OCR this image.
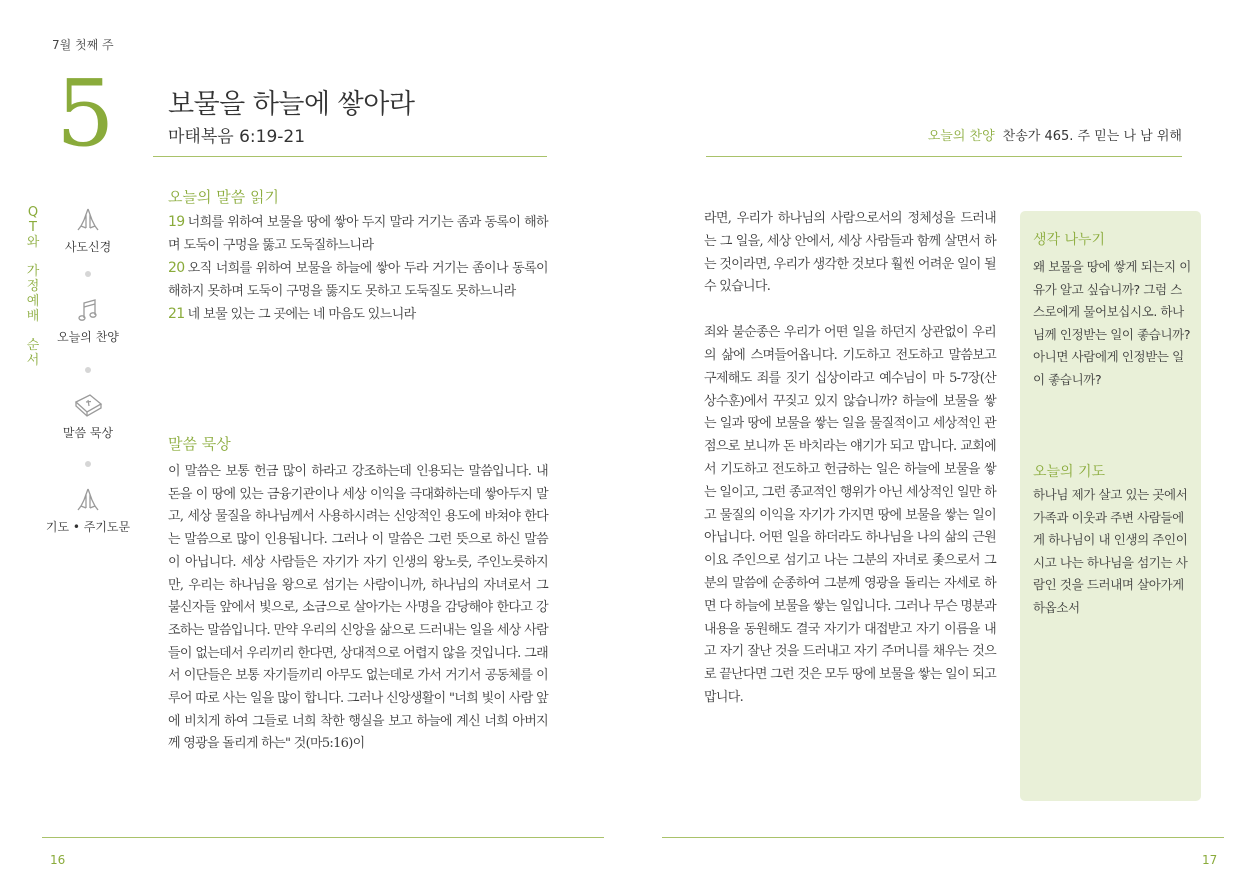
7월 첫째 주
5 보물을 하늘에 쌓아라
마태복음 6:19-21	오늘의 찬양 찬송가 465. 주 믿는 나 남 위해
Q
T
와
가
정
예
배
순
서
사도신경
오늘의 찬양
말씀 묵상
기도 • 주기도문
오늘의 말씀 읽기
19 너희를 위하여 보물을 땅에 쌓아 두지 말라 거기는 좀과 동록이 해하며 도둑이 구멍을 뚫고 도둑질하느니라
20 오직 너희를 위하여 보물을 하늘에 쌓아 두라 거기는 좀이나 동록이 해하지 못하며 도둑이 구멍을 뚫지도 못하고 도둑질도 못하느니라
21 네 보물 있는 그 곳에는 네 마음도 있느니라
말씀 묵상
이 말씀은 보통 헌금 많이 하라고 강조하는데 인용되는 말씀입니다. 내 돈을 이 땅에 있는 금융기관이나 세상 이익을 극대화하는데 쌓아두지 말고, 세상 물질을 하나님께서 사용하시려는 신앙적인 용도에 바쳐야 한다는 말씀으로 많이 인용됩니다. 그러나 이 말씀은 그런 뜻으로 하신 말씀이 아닙니다. 세상 사람들은 자기가 자기 인생의 왕노릇, 주인노릇하지만, 우리는 하나님을 왕으로 섬기는 사람이니까, 하나님의 자녀로서 그 불신자들 앞에서 빛으로, 소금으로 살아가는 사명을 감당해야 한다고 강조하는 말씀입니다. 만약 우리의 신앙을 삶으로 드러내는 일을 세상 사람들이 없는데서 우리끼리 한다면, 상대적으로 어렵지 않을 것입니다. 그래서 이단들은 보통 자기들끼리 아무도 없는데로 가서 거기서 공동체를 이루어 따로 사는 일을 많이 합니다. 그러나 신앙생활이 "너희 빛이 사람 앞에 비치게 하여 그들로 너희 착한 행실을 보고 하늘에 계신 너희 아버지께 영광을 돌리게 하는" 것(마5:16)이

라면, 우리가 하나님의 사람으로서의 정체성을 드러내는 그 일을, 세상 안에서, 세상 사람들과 함께 살면서 하는 것이라면, 우리가 생각한 것보다 훨씬 어려운 일이 될 수 있습니다.

죄와 불순종은 우리가 어떤 일을 하던지 상관없이 우리의 삶에 스며들어옵니다. 기도하고 전도하고 말씀보고 구제해도 죄를 짓기 십상이라고 예수님이 마 5-7장(산상수훈)에서 꾸짖고 있지 않습니까? 하늘에 보물을 쌓는 일과 땅에 보물을 쌓는 일을 물질적이고 세상적인 관점으로 보니까 돈 바치라는 얘기가 되고 맙니다. 교회에서 기도하고 전도하고 헌금하는 일은 하늘에 보물을 쌓는 일이고, 그런 종교적인 행위가 아닌 세상적인 일만 하고 물질의 이익을 자기가 가지면 땅에 보물을 쌓는 일이 아닙니다. 어떤 일을 하더라도 하나님을 나의 삶의 근원이요 주인으로 섬기고 나는 그분의 자녀로 좇으로서 그분의 말씀에 순종하여 그분께 영광을 돌리는 자세로 하면 다 하늘에 보물을 쌓는 일입니다. 그러나 무슨 명분과 내용을 동원해도 결국 자기가 대접받고 자기 이름을 내고 자기 잘난 것을 드러내고 자기 주머니를 채우는 것으로 끝난다면 그런 것은 모두 땅에 보물을 쌓는 일이 되고 맙니다.

생각 나누기
왜 보물을 땅에 쌓게 되는지 이유가 알고 싶습니까? 그럼 스스로에게 물어보십시오. 하나님께 인정받는 일이 좋습니까? 아니면 사람에게 인정받는 일이 좋습니까?
오늘의 기도
하나님 제가 살고 있는 곳에서 가족과 이웃과 주변 사람들에게 하나님이 내 인생의 주인이시고 나는 하나님을 섬기는 사람인 것을 드러내며 살아가게 하옵소서
16	17
